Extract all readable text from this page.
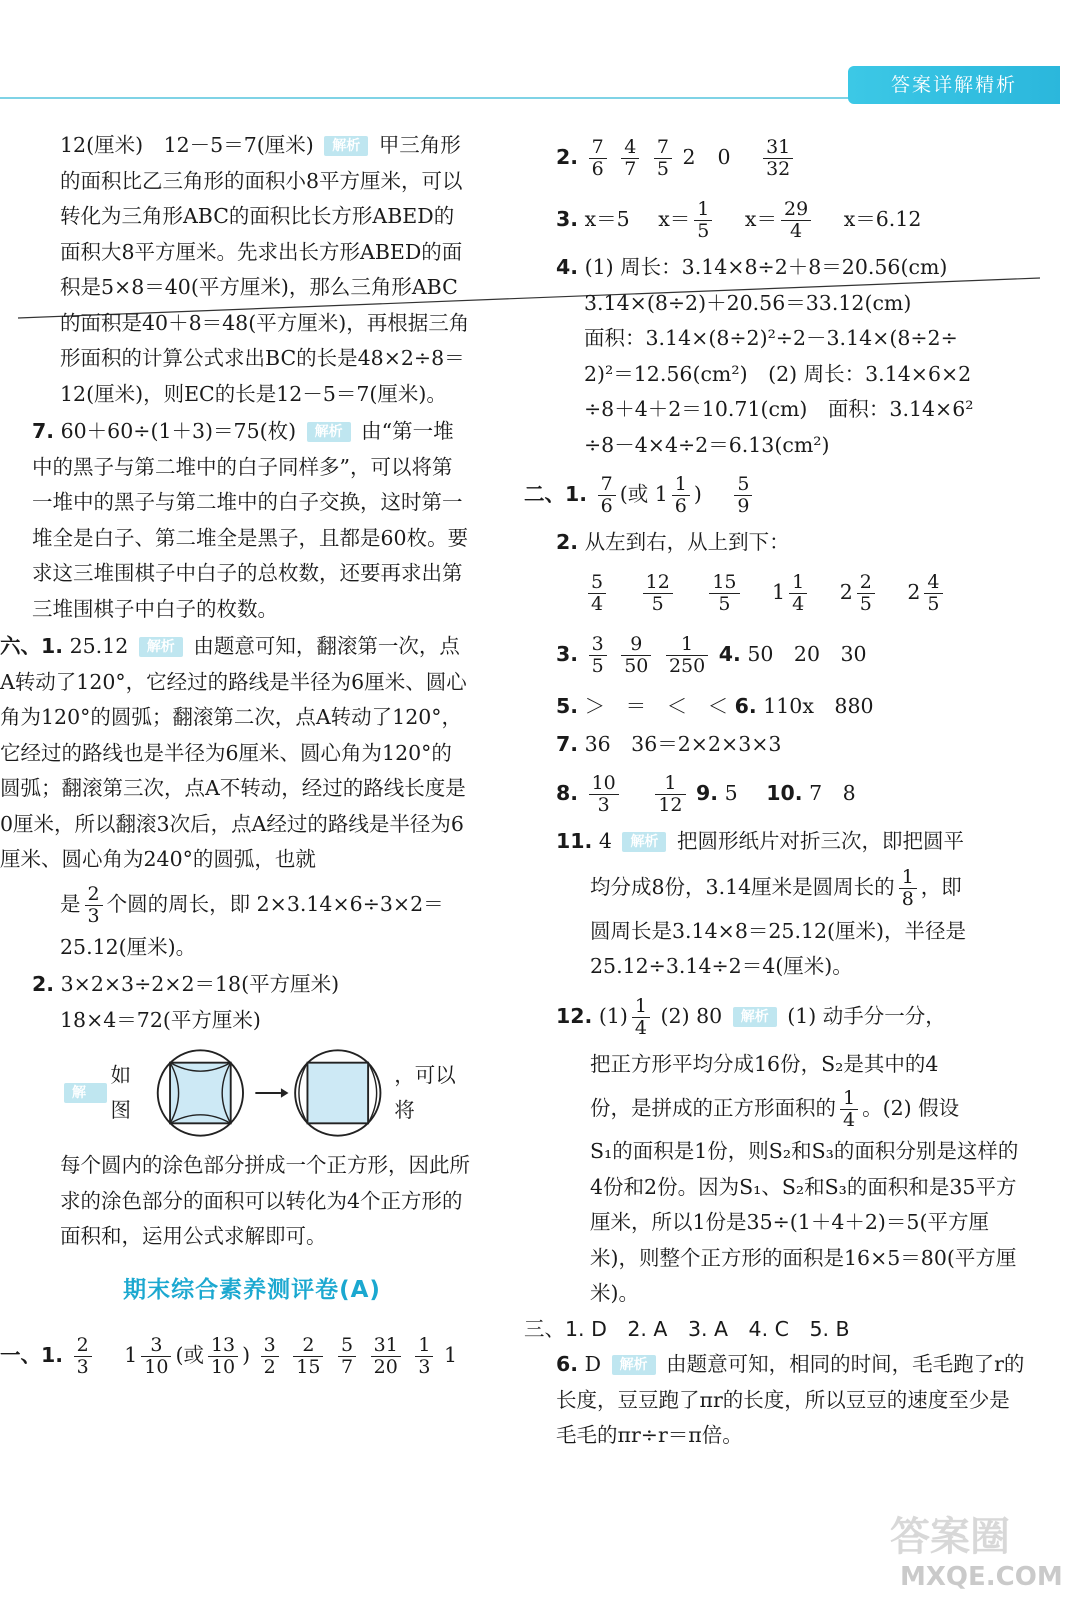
答案详解精析

12(厘米)　12－5＝7(厘米) 解析 甲三角形的面积比乙三角形的面积小8平方厘米，可以转化为三角形ABC的面积比长方形ABED的面积大8平方厘米。先求出长方形ABED的面积是5×8＝40(平方厘米)，那么三角形ABC的面积是40＋8＝48(平方厘米)，再根据三角形面积的计算公式求出BC的长是48×2÷8＝12(厘米)，则EC的长是12－5＝7(厘米)。

7. 60＋60÷(1＋3)＝75(枚) 解析 由“第一堆中的黑子与第二堆中的白子同样多”，可以将第一堆中的黑子与第二堆中的白子交换，这时第一堆全是白子、第二堆全是黑子，且都是60枚。要求这三堆围棋子中白子的总枚数，还要再求出第三堆围棋子中白子的枚数。

六、1. 25.12 解析 由题意可知，翻滚第一次，点A转动了120°，它经过的路线是半径为6厘米、圆心角为120°的圆弧；翻滚第二次，点A转动了120°，它经过的路线也是半径为6厘米、圆心角为120°的圆弧；翻滚第三次，点A不转动，经过的路线长度是0厘米，所以翻滚3次后，点A经过的路线是半径为6厘米、圆心角为240°的圆弧，也就

是 $\frac{2}{3}$ 个圆的周长，即 2×3.14×6÷3×2＝

25.12(厘米)。

2. 3×2×3÷2×2＝18(平方厘米)

18×4＝72(平方厘米)

解析
如图
，可以将

每个圆内的涂色部分拼成一个正方形，因此所求的涂色部分的面积可以转化为4个正方形的面积和，运用公式求解即可。

期末综合素养测评卷(A)

一、1. $\frac{2}{3} 1 \frac{3}{10}$ (或 $\frac{13}{10}$ ) $\frac{3}{2}$
$\frac{2}{15}$
$\frac{5}{7}$
$\frac{31}{20}$
$\frac{1}{3} 1$

2. $\frac{7}{6}$
$\frac{4}{7}$
$\frac{7}{5} 2$ $0 \frac{31}{32}$

3. x＝5 $x= \frac{1}{5} x= \frac{29}{4} x=6.12$

4. (1) 周长：3.14×8÷2＋8＝20.56(cm)

3.14×(8÷2)＋20.56＝33.12(cm)

面积：3.14×(8÷2)²÷2－3.14×(8÷2÷

2)²＝12.56(cm²)　(2) 周长：3.14×6×2

÷8＋4＋2＝10.71(cm)　面积：3.14×6²

÷8－4×4÷2＝6.13(cm²)

二、1. $\frac{7}{6}$ (或 $1 \frac{1}{6}$ ) $\frac{5}{9}$

2. 从左到右，从上到下：

$\frac{5}{4}$
$\frac{12}{5}$
$\frac{15}{5} 1 \frac{1}{4} 2 \frac{2}{5} 2 \frac{4}{5}$

3. $\frac{3}{5}$
$\frac{9}{50}$
$\frac{1}{250} 4$. 50　20　30

5. ＞　＝　＜　＜ 6. 110x　880

7. 36　36＝2×2×3×3

8. $\frac{10}{3}$
$\frac{1}{12} 9$. 5 10. 7　8

11. 4 解析 把圆形纸片对折三次，即把圆平

均分成8份，3.14厘米是圆周长的 $\frac{1}{8}$ ，即

圆周长是3.14×8＝25.12(厘米)，半径是

25.12÷3.14÷2＝4(厘米)。

12. $(1) \frac{1}{4} (2)$ 80 解析 (1) 动手分一分，

把正方形平均分成16份，S₂是其中的4

份，是拼成的正方形面积的 $\frac{1}{4}$ 。(2) 假设

S₁的面积是1份，则S₂和S₃的面积分别是这样的4份和2份。因为S₁、S₂和S₃的面积和是35平方厘米，所以1份是35÷(1＋4＋2)＝5(平方厘米)，则整个正方形的面积是16×5＝80(平方厘米)。

三、1. D　2. A　3. A　4. C　5. B

6. D 解析 由题意可知，相同的时间，毛毛跑了r的长度，豆豆跑了πr的长度，所以豆豆的速度至少是毛毛的πr÷r＝π倍。

答案圈
MXQE.COM
